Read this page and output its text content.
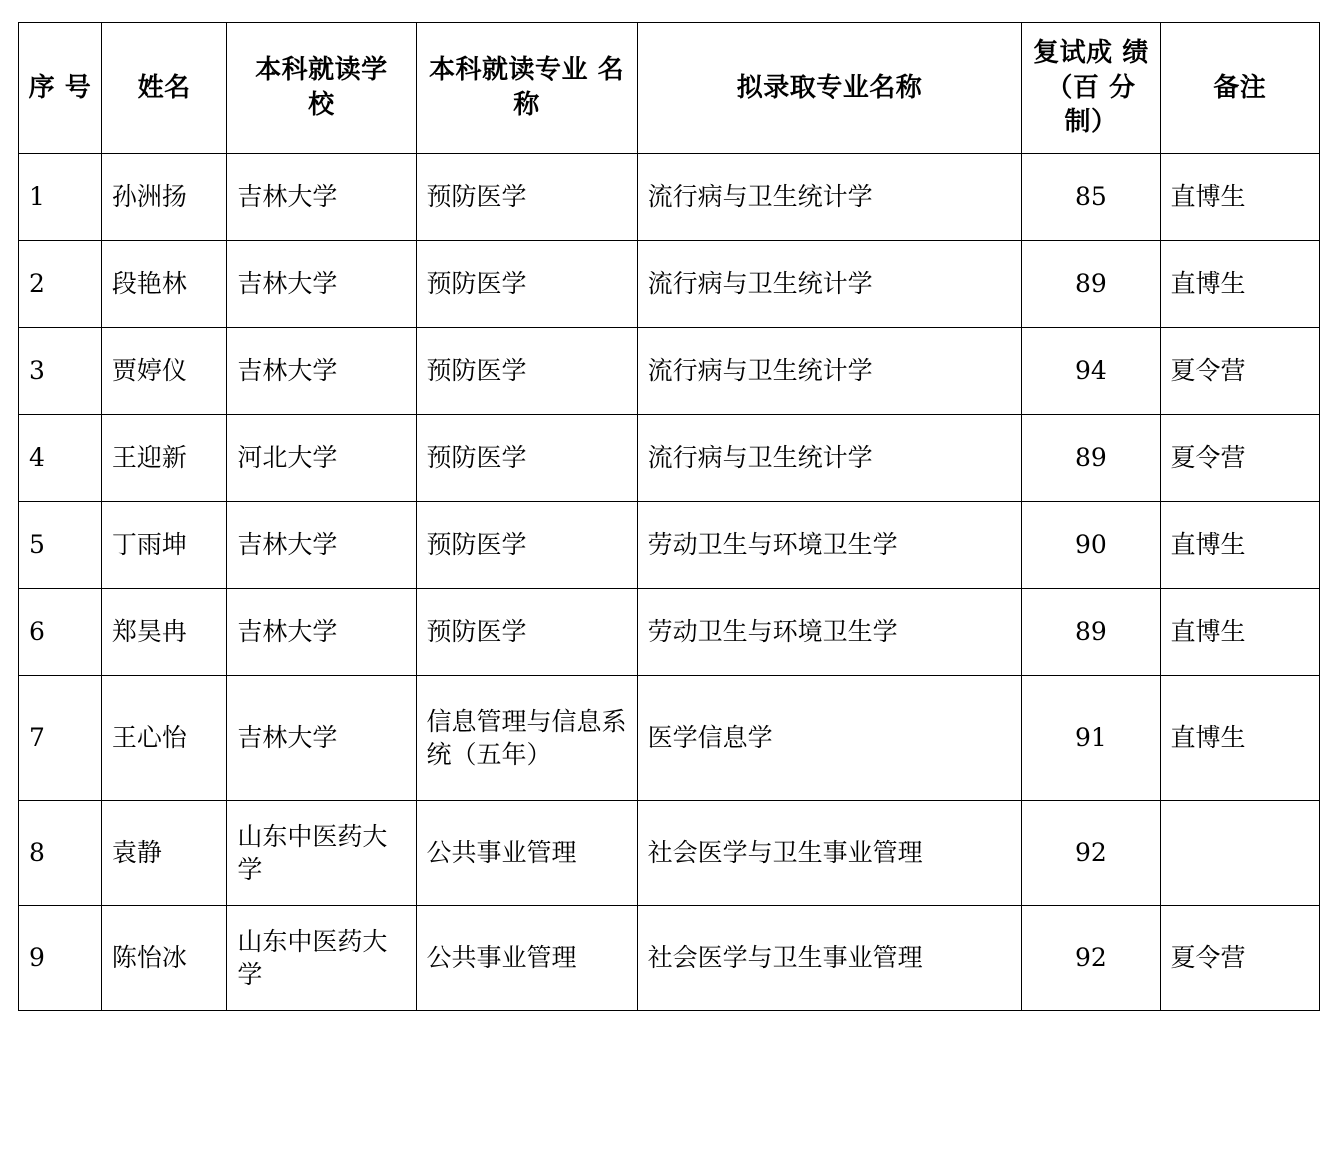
序 号	姓名	本科就读学 校	本科就读专业 名称	拟录取专业名称	复试成 绩（百 分制）	备注
1	孙洲扬	吉林大学	预防医学	流行病与卫生统计学	85	直博生
2	段艳林	吉林大学	预防医学	流行病与卫生统计学	89	直博生
3	贾婷仪	吉林大学	预防医学	流行病与卫生统计学	94	夏令营
4	王迎新	河北大学	预防医学	流行病与卫生统计学	89	夏令营
5	丁雨坤	吉林大学	预防医学	劳动卫生与环境卫生学	90	直博生
6	郑昊冉	吉林大学	预防医学	劳动卫生与环境卫生学	89	直博生
7	王心怡	吉林大学	信息管理与信息系统（五年）	医学信息学	91	直博生
8	袁静	山东中医药大学	公共事业管理	社会医学与卫生事业管理	92	
9	陈怡冰	山东中医药大学	公共事业管理	社会医学与卫生事业管理	92	夏令营
